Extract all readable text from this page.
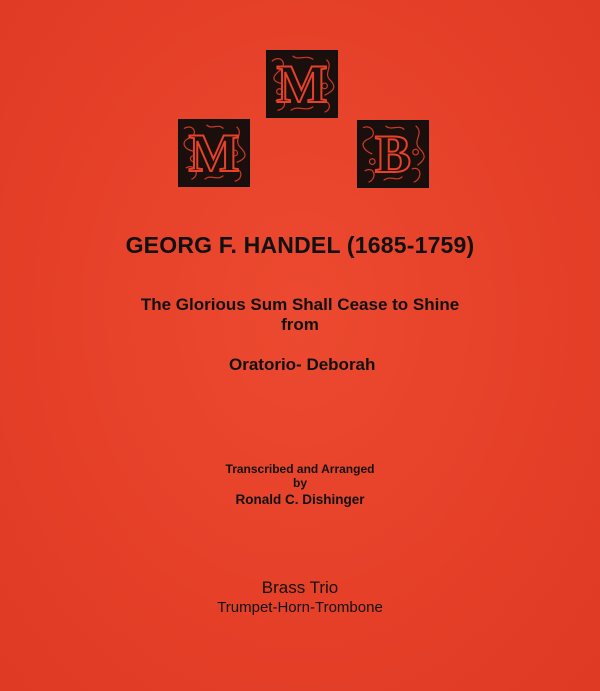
M
M
B
GEORG F. HANDEL (1685-1759)
The Glorious Sum Shall Cease to Shine
from
Oratorio- Deborah
Transcribed and Arranged
by
Ronald C. Dishinger
Brass Trio
Trumpet-Horn-Trombone
